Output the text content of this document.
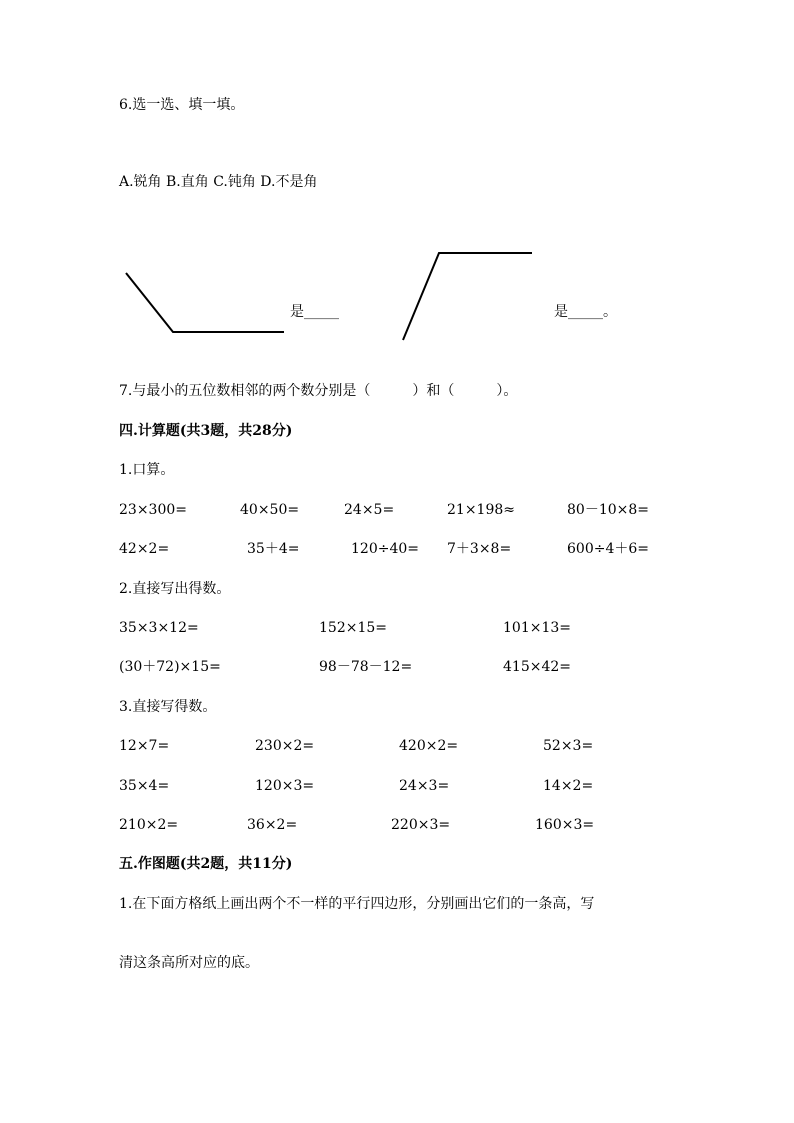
6.选一选、填一填。
A.锐角 B.直角 C.钝角 D.不是角
是_____	是_____。
7.与最小的五位数相邻的两个数分别是（　　　）和（　　　）。
四.计算题(共3题，共28分)
1.口算。
23×300=	40×50=	24×5=	21×198≈	80－10×8=
42×2=	35＋4=	120÷40= 7＋3×8=	600÷4＋6=
2.直接写出得数。
35×3×12=	152×15=	101×13=
(30＋72)×15=	98－78－12=	415×42=
3.直接写得数。
12×7=	230×2=	420×2=	52×3=
35×4=	120×3=	24×3=	14×2=
210×2=	36×2=	220×3=	160×3=
五.作图题(共2题，共11分)
1.在下面方格纸上画出两个不一样的平行四边形，分别画出它们的一条高，写
清这条高所对应的底。
